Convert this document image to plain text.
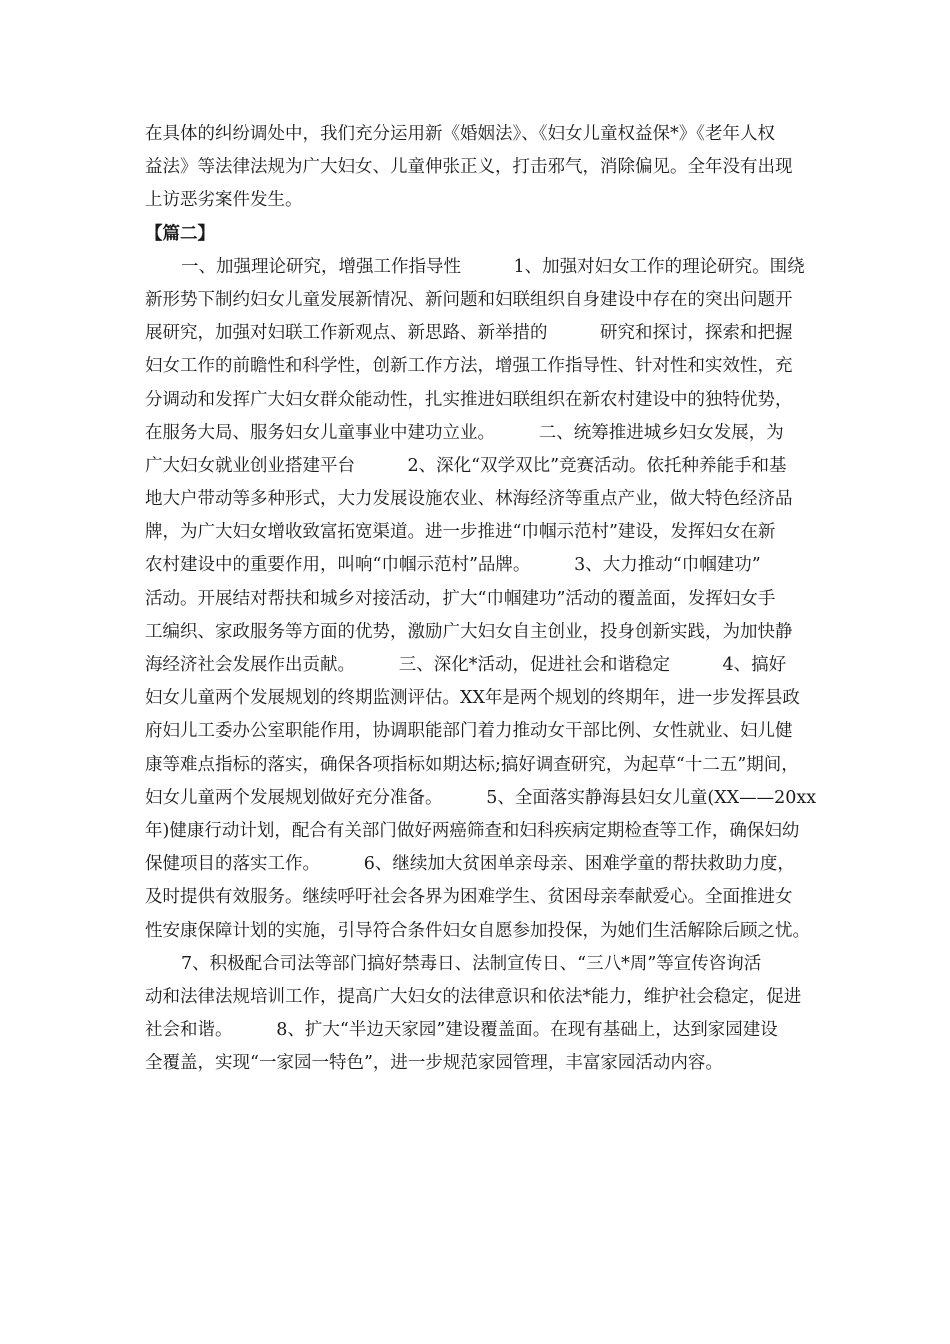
在具体的纠纷调处中，我们充分运用新《婚姻法》、《妇女儿童权益保*》《老年人权
益法》等法律法规为广大妇女、儿童伸张正义，打击邪气，消除偏见。全年没有出现
上访恶劣案件发生。
【篇二】
一、加强理论研究，增强工作指导性　　　1、加强对妇女工作的理论研究。围绕
新形势下制约妇女儿童发展新情况、新问题和妇联组织自身建设中存在的突出问题开
展研究，加强对妇联工作新观点、新思路、新举措的　　　研究和探讨，探索和把握
妇女工作的前瞻性和科学性，创新工作方法，增强工作指导性、针对性和实效性，充
分调动和发挥广大妇女群众能动性，扎实推进妇联组织在新农村建设中的独特优势，
在服务大局、服务妇女儿童事业中建功立业。　　　二、统筹推进城乡妇女发展，为
广大妇女就业创业搭建平台　　　2、深化“双学双比”竞赛活动。依托种养能手和基
地大户带动等多种形式，大力发展设施农业、林海经济等重点产业，做大特色经济品
牌，为广大妇女增收致富拓宽渠道。进一步推进“巾帼示范村”建设，发挥妇女在新
农村建设中的重要作用，叫响“巾帼示范村”品牌。　　　3、大力推动“巾帼建功”
活动。开展结对帮扶和城乡对接活动，扩大“巾帼建功”活动的覆盖面，发挥妇女手
工编织、家政服务等方面的优势，激励广大妇女自主创业，投身创新实践，为加快静
海经济社会发展作出贡献。　　　三、深化*活动，促进社会和谐稳定　　　4、搞好
妇女儿童两个发展规划的终期监测评估。XX年是两个规划的终期年，进一步发挥县政
府妇儿工委办公室职能作用，协调职能部门着力推动女干部比例、女性就业、妇儿健
康等难点指标的落实，确保各项指标如期达标;搞好调查研究，为起草“十二五”期间，
妇女儿童两个发展规划做好充分准备。　　　5、全面落实静海县妇女儿童(XX——20xx
年)健康行动计划，配合有关部门做好两癌筛查和妇科疾病定期检查等工作，确保妇幼
保健项目的落实工作。　　　6、继续加大贫困单亲母亲、困难学童的帮扶救助力度，
及时提供有效服务。继续呼吁社会各界为困难学生、贫困母亲奉献爱心。全面推进女
性安康保障计划的实施，引导符合条件妇女自愿参加投保，为她们生活解除后顾之忧。
7、积极配合司法等部门搞好禁毒日、法制宣传日、“三八*周”等宣传咨询活
动和法律法规培训工作，提高广大妇女的法律意识和依法*能力，维护社会稳定，促进
社会和谐。　　　8、扩大“半边天家园”建设覆盖面。在现有基础上，达到家园建设
全覆盖，实现“一家园一特色”，进一步规范家园管理，丰富家园活动内容。
